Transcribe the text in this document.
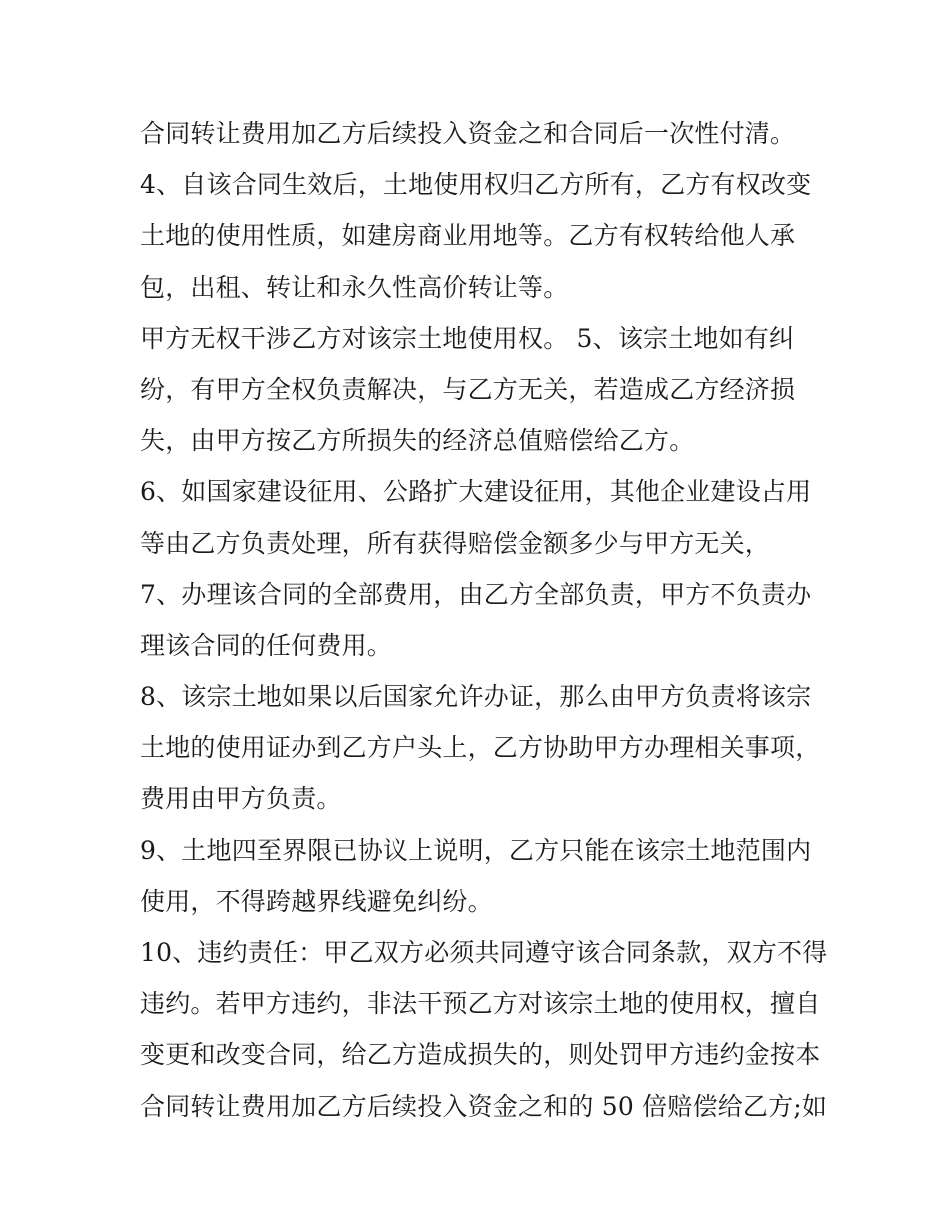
合同转让费用加乙方后续投入资金之和合同后一次性付清。
4、自该合同生效后，土地使用权归乙方所有，乙方有权改变
土地的使用性质，如建房商业用地等。乙方有权转给他人承
包，出租、转让和永久性高价转让等。
甲方无权干涉乙方对该宗土地使用权。 5、该宗土地如有纠
纷，有甲方全权负责解决，与乙方无关，若造成乙方经济损
失，由甲方按乙方所损失的经济总值赔偿给乙方。
6、如国家建设征用、公路扩大建设征用，其他企业建设占用
等由乙方负责处理，所有获得赔偿金额多少与甲方无关，
7、办理该合同的全部费用，由乙方全部负责，甲方不负责办
理该合同的任何费用。
8、该宗土地如果以后国家允许办证，那么由甲方负责将该宗
土地的使用证办到乙方户头上，乙方协助甲方办理相关事项，
费用由甲方负责。
9、土地四至界限已协议上说明，乙方只能在该宗土地范围内
使用，不得跨越界线避免纠纷。
10、违约责任：甲乙双方必须共同遵守该合同条款，双方不得
违约。若甲方违约，非法干预乙方对该宗土地的使用权，擅自
变更和改变合同，给乙方造成损失的，则处罚甲方违约金按本
合同转让费用加乙方后续投入资金之和的 50 倍赔偿给乙方;如
